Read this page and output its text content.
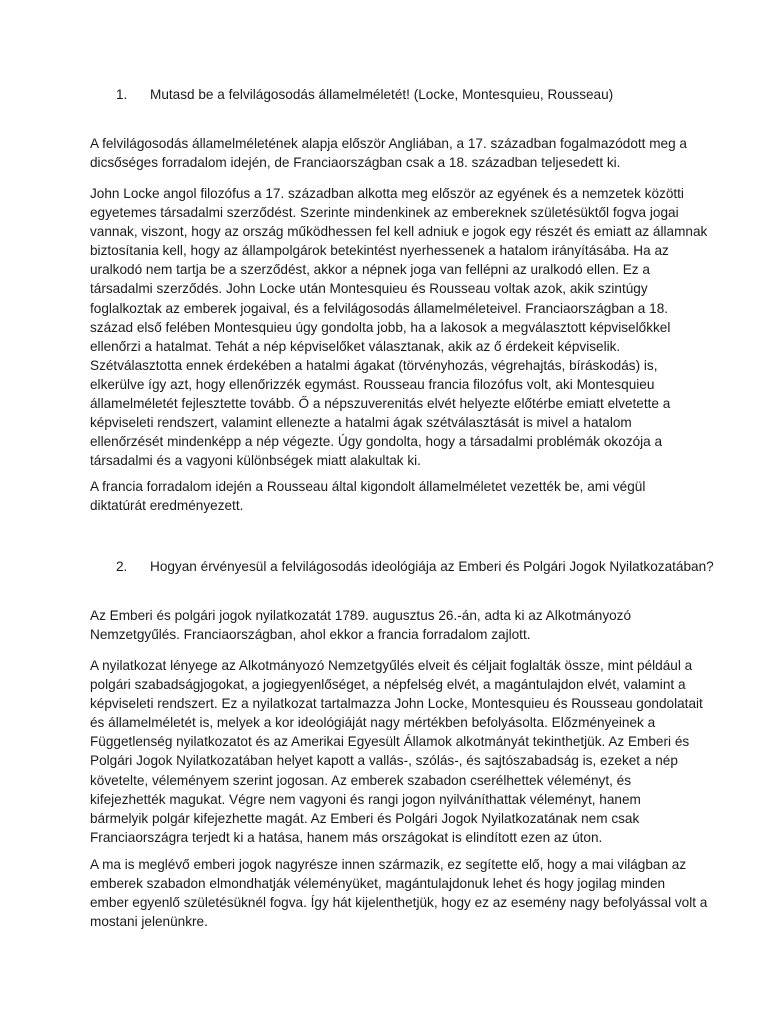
1. Mutasd be a felvilágosodás államelméletét! (Locke, Montesquieu, Rousseau)
A felvilágosodás államelméletének alapja először Angliában, a 17. században fogalmazódott meg a
dicsőséges forradalom idején, de Franciaországban csak a 18. században teljesedett ki.
John Locke angol filozófus a 17. században alkotta meg először az egyének és a nemzetek közötti
egyetemes társadalmi szerződést. Szerinte mindenkinek az embereknek születésüktől fogva jogai
vannak, viszont, hogy az ország működhessen fel kell adniuk e jogok egy részét és emiatt az államnak
biztosítania kell, hogy az állampolgárok betekintést nyerhessenek a hatalom irányításába. Ha az
uralkodó nem tartja be a szerződést, akkor a népnek joga van fellépni az uralkodó ellen. Ez a
társadalmi szerződés. John Locke után Montesquieu és Rousseau voltak azok, akik szintúgy
foglalkoztak az emberek jogaival, és a felvilágosodás államelméleteivel. Franciaországban a 18.
század első felében Montesquieu úgy gondolta jobb, ha a lakosok a megválasztott képviselőkkel
ellenőrzi a hatalmat. Tehát a nép képviselőket választanak, akik az ő érdekeit képviselik.
Szétválasztotta ennek érdekében a hatalmi ágakat (törvényhozás, végrehajtás, bíráskodás) is,
elkerülve így azt, hogy ellenőrizzék egymást. Rousseau francia filozófus volt, aki Montesquieu
államelméletét fejlesztette tovább. Ő a népszuverenitás elvét helyezte előtérbe emiatt elvetette a
képviseleti rendszert, valamint ellenezte a hatalmi ágak szétválasztását is mivel a hatalom
ellenőrzését mindenképp a nép végezte. Úgy gondolta, hogy a társadalmi problémák okozója a
társadalmi és a vagyoni különbségek miatt alakultak ki.
A francia forradalom idején a Rousseau által kigondolt államelméletet vezették be, ami végül
diktatúrát eredményezett.
2. Hogyan érvényesül a felvilágosodás ideológiája az Emberi és Polgári Jogok Nyilatkozatában?
Az Emberi és polgári jogok nyilatkozatát 1789. augusztus 26.-án, adta ki az Alkotmányozó
Nemzetgyűlés. Franciaországban, ahol ekkor a francia forradalom zajlott.
A nyilatkozat lényege az Alkotmányozó Nemzetgyűlés elveit és céljait foglalták össze, mint például a
polgári szabadságjogokat, a jogiegyenlőséget, a népfelség elvét, a magántulajdon elvét, valamint a
képviseleti rendszert. Ez a nyilatkozat tartalmazza John Locke, Montesquieu és Rousseau gondolatait
és államelméletét is, melyek a kor ideológiáját nagy mértékben befolyásolta. Előzményeinek a
Függetlenség nyilatkozatot és az Amerikai Egyesült Államok alkotmányát tekinthetjük. Az Emberi és
Polgári Jogok Nyilatkozatában helyet kapott a vallás-, szólás-, és sajtószabadság is, ezeket a nép
követelte, véleményem szerint jogosan. Az emberek szabadon cserélhettek véleményt, és
kifejezhették magukat. Végre nem vagyoni és rangi jogon nyilváníthattak véleményt, hanem
bármelyik polgár kifejezhette magát. Az Emberi és Polgári Jogok Nyilatkozatának nem csak
Franciaországra terjedt ki a hatása, hanem más országokat is elindított ezen az úton.
A ma is meglévő emberi jogok nagyrésze innen származik, ez segítette elő, hogy a mai világban az
emberek szabadon elmondhatják véleményüket, magántulajdonuk lehet és hogy jogilag minden
ember egyenlő születésüknél fogva. Így hát kijelenthetjük, hogy ez az esemény nagy befolyással volt a
mostani jelenünkre.
